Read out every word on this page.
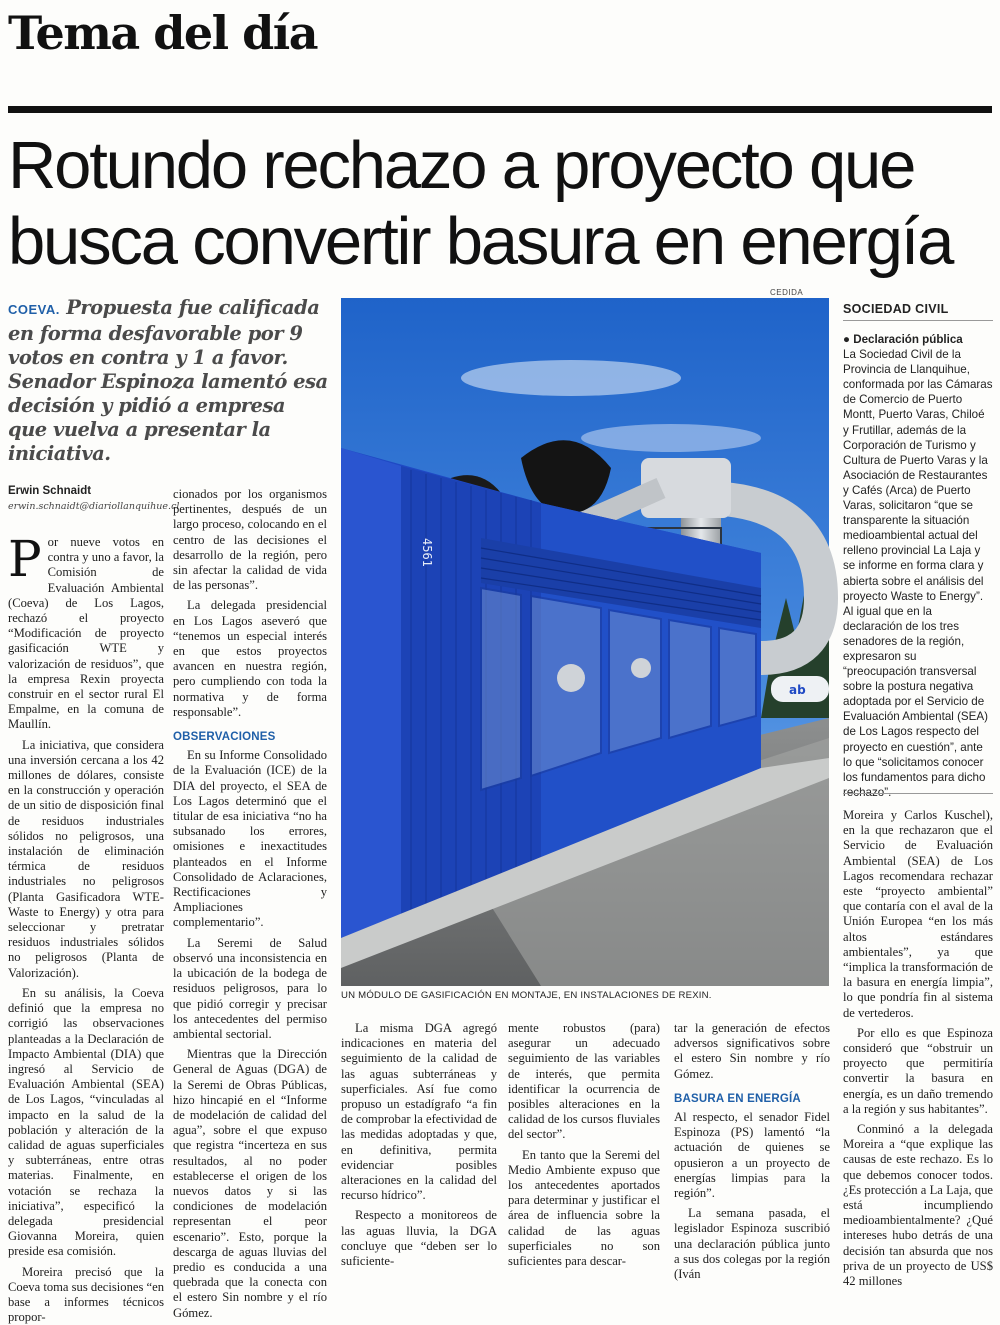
Tema del día
Rotundo rechazo a proyecto que busca convertir basura en energía
COEVA. Propuesta fue calificada en forma desfavorable por 9 votos en contra y 1 a favor. Senador Espinoza lamentó esa decisión y pidió a empresa que vuelva a presentar la iniciativa.
Erwin Schnaidt
erwin.schnaidt@diariollanquihue.cl

Por nueve votos en contra y uno a favor, la Comisión de Evaluación Ambiental (Coeva) de Los Lagos, rechazó el proyecto “Modificación de proyecto gasificación WTE y valorización de residuos”, que la empresa Rexin proyecta construir en el sector rural El Empalme, en la comuna de Maullín.

La iniciativa, que considera una inversión cercana a los 42 millones de dólares, consiste en la construcción y operación de un sitio de disposición final de residuos industriales sólidos no peligrosos, una instalación de eliminación térmica de residuos industriales no peligrosos (Planta Gasificadora WTE- Waste to Energy) y otra para seleccionar y pretratar residuos industriales sólidos no peligrosos (Planta de Valorización).

En su análisis, la Coeva definió que la empresa no corrigió las observaciones planteadas a la Declaración de Impacto Ambiental (DIA) que ingresó al Servicio de Evaluación Ambiental (SEA) de Los Lagos, “vinculadas al impacto en la salud de la población y alteración de la calidad de aguas superficiales y subterráneas, entre otras materias. Finalmente, en votación se rechaza la iniciativa”, especificó la delegada presidencial Giovanna Moreira, quien preside esa comisión.

Moreira precisó que la Coeva toma sus decisiones “en base a informes técnicos propor-

cionados por los organismos pertinentes, después de un largo proceso, colocando en el centro de las decisiones el desarrollo de la región, pero sin afectar la calidad de vida de las personas”.

La delegada presidencial en Los Lagos aseveró que “tenemos un especial interés en que estos proyectos avancen en nuestra región, pero cumpliendo con toda la normativa y de forma responsable”.

OBSERVACIONES

En su Informe Consolidado de la Evaluación (ICE) de la DIA del proyecto, el SEA de Los Lagos determinó que el titular de esa iniciativa “no ha subsanado los errores, omisiones e inexactitudes planteados en el Informe Consolidado de Aclaraciones, Rectificaciones y Ampliaciones complementario”.

La Seremi de Salud observó una inconsistencia en la ubicación de la bodega de residuos peligrosos, para lo que pidió corregir y precisar los antecedentes del permiso ambiental sectorial.

Mientras que la Dirección General de Aguas (DGA) de la Seremi de Obras Públicas, hizo hincapié en el “Informe de modelación de calidad del agua”, sobre el que expuso que registra “incerteza en sus resultados, al no poder establecerse el origen de los nuevos datos y si las condiciones de modelación representan el peor escenario”. Esto, porque la descarga de aguas lluvias del predio es conducida a una quebrada que la conecta con el estero Sin nombre y el río Gómez.

CEDIDA
4561
ab
UN MÓDULO DE GASIFICACIÓN EN MONTAJE, EN INSTALACIONES DE REXIN.

La misma DGA agregó indicaciones en materia del seguimiento de la calidad de las aguas subterráneas y superficiales. Así fue como propuso un estadígrafo “a fin de comprobar la efectividad de las medidas adoptadas y que, en definitiva, permita evidenciar posibles alteraciones en la calidad del recurso hídrico”.

Respecto a monitoreos de las aguas lluvia, la DGA concluye que “deben ser lo suficiente-

mente robustos (para) asegurar un adecuado seguimiento de las variables de interés, que permita identificar la ocurrencia de posibles alteraciones en la calidad de los cursos fluviales del sector”.

En tanto que la Seremi del Medio Ambiente expuso que los antecedentes aportados para determinar y justificar el área de influencia sobre la calidad de las aguas superficiales no son suficientes para descar-

tar la generación de efectos adversos significativos sobre el estero Sin nombre y río Gómez.

BASURA EN ENERGÍA

Al respecto, el senador Fidel Espinoza (PS) lamentó “la actuación de quienes se opusieron a un proyecto de energías limpias para la región”.

La semana pasada, el legislador Espinoza suscribió una declaración pública junto a sus dos colegas por la región (Iván

SOCIEDAD CIVIL
● Declaración pública
La Sociedad Civil de la Provincia de Llanquihue, conformada por las Cámaras de Comercio de Puerto Montt, Puerto Varas, Chiloé y Frutillar, además de la Corporación de Turismo y Cultura de Puerto Varas y la Asociación de Restaurantes y Cafés (Arca) de Puerto Varas, solicitaron “que se transparente la situación medioambiental actual del relleno provincial La Laja y se informe en forma clara y abierta sobre el análisis del proyecto Waste to Energy”. Al igual que en la declaración de los tres senadores de la región, expresaron su “preocupación transversal sobre la postura negativa adoptada por el Servicio de Evaluación Ambiental (SEA) de Los Lagos respecto del proyecto en cuestión”, ante lo que “solicitamos conocer los fundamentos para dicho

Moreira y Carlos Kuschel), en la que rechazaron que el Servicio de Evaluación Ambiental (SEA) de Los Lagos recomendara rechazar este “proyecto ambiental” que contaría con el aval de la Unión Europea “en los más altos estándares ambientales”, ya que “implica la transformación de la basura en energía limpia”, lo que pondría fin al sistema de vertederos.

Por ello es que Espinoza consideró que “obstruir un proyecto que permitiría convertir la basura en energía, es un daño tremendo a la región y sus habitantes”.

Conminó a la delegada Moreira a “que explique las causas de este rechazo. Es lo que debemos conocer todos. ¿Es protección a La Laja, que está incumpliendo medioambientalmente? ¿Qué intereses hubo detrás de una decisión tan absurda que nos priva de un proyecto de US$ 42 millones
